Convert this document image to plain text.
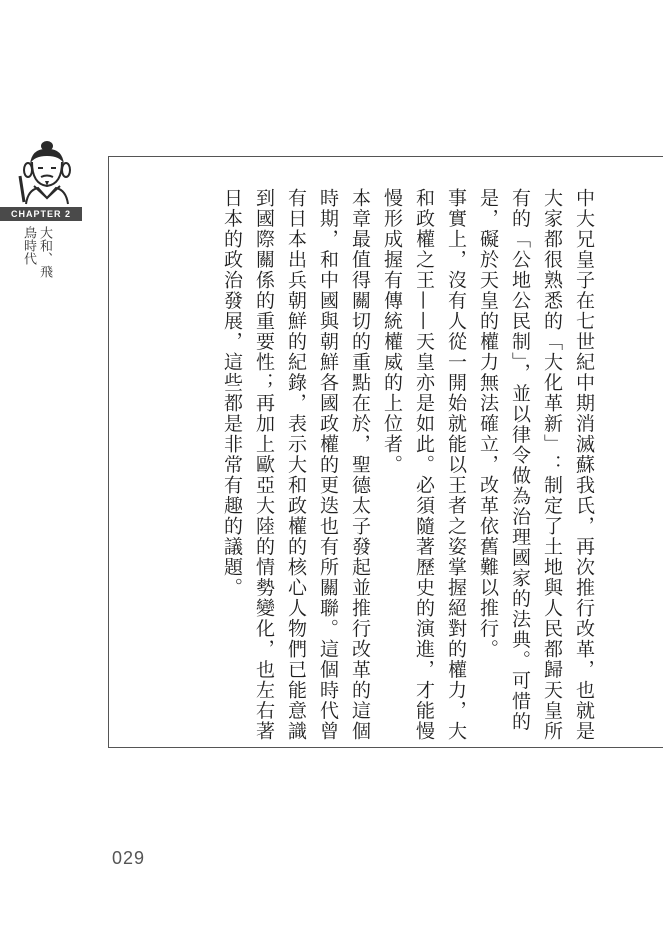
CHAPTER 2
大和、飛鳥時代	中大兄皇子在七世紀中期消滅蘇我氏，再次推行改革，也就是大家都很熟悉的「大化革新」：制定了土地與人民都歸天皇所有的「公地公民制」，並以律令做為治理國家的法典。可惜的是，礙於天皇的權力無法確立，改革依舊難以推行。

事實上，沒有人從一開始就能以王者之姿掌握絕對的權力，大和政權之王——天皇亦是如此。必須隨著歷史的演進，才能慢慢形成握有傳統權威的上位者。

本章最值得關切的重點在於，聖德太子發起並推行改革的這個時期，和中國與朝鮮各國政權的更迭也有所關聯。這個時代曾有日本出兵朝鮮的紀錄，表示大和政權的核心人物們已能意識到國際關係的重要性；再加上歐亞大陸的情勢變化，也左右著日本的政治發展，這些都是非常有趣的議題。

029
